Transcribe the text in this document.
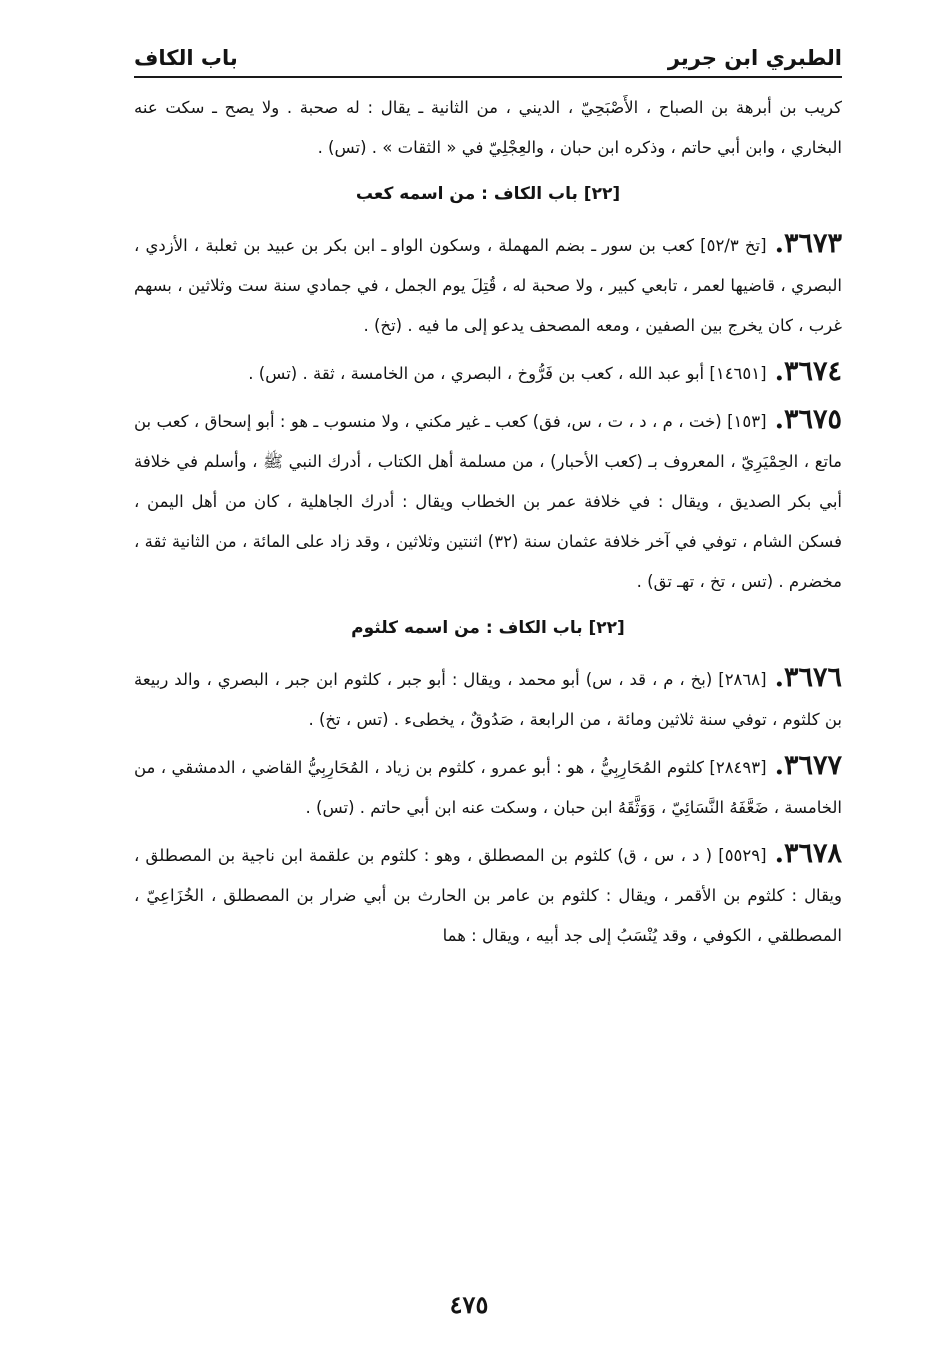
الطبري ابن جرير
باب الكاف

كريب بن أبرهة بن الصباح ، الأَصْبَحِيّ ، الديني ، من الثانية ـ يقال : له صحبة . ولا يصح ـ سكت عنه البخاري ، وابن أبي حاتم ، وذكره ابن حبان ، والعِجْلِيّ في « الثقات » . (تس) .

[٢٢] باب الكاف : من اسمه كعب

٣٦٧٣.[تخ ٥٢/٣] كعب بن سور ـ بضم المهملة ، وسكون الواو ـ ابن بكر بن عبيد بن ثعلبة ، الأزدي ، البصري ، قاضيها لعمر ، تابعي كبير ، ولا صحبة له ، قُتِلَ يوم الجمل ، في جمادي سنة ست وثلاثين ، بسهم غرب ، كان يخرج بين الصفين ، ومعه المصحف يدعو إلى ما فيه . (تخ) .

٣٦٧٤.[١٤٦٥١] أبو عبد الله ، كعب بن فَرُّوخ ، البصري ، من الخامسة ، ثقة . (تس) .

٣٦٧٥.[١٥٣] (خت ، م ، د ، ت ، س، فق) كعب ـ غير مكني ، ولا منسوب ـ هو : أبو إسحاق ، كعب بن ماتع ، الحِمْيَرِيّ ، المعروف بـ (كعب الأحبار) ، من مسلمة أهل الكتاب ، أدرك النبي ﷺ ، وأسلم في خلافة أبي بكر الصديق ، ويقال : في خلافة عمر بن الخطاب ويقال : أدرك الجاهلية ، كان من أهل اليمن ، فسكن الشام ، توفي في آخر خلافة عثمان سنة (٣٢) اثنتين وثلاثين ، وقد زاد على المائة ، من الثانية ثقة ، مخضرم . (تس ، تخ ، تهـ تق) .

[٢٢] باب الكاف : من اسمه كلثوم

٣٦٧٦.[٢٨٦٨] (بخ ، م ، قد ، س) أبو محمد ، ويقال : أبو جبر ، كلثوم ابن جبر ، البصري ، والد ربيعة بن كلثوم ، توفي سنة ثلاثين ومائة ، من الرابعة ، صَدُوقٌ ، يخطىء . (تس ، تخ) .

٣٦٧٧.[٢٨٤٩٣] كلثوم المُحَارِبِيُّ ، هو : أبو عمرو ، كلثوم بن زياد ، المُحَارِبِيُّ القاضي ، الدمشقي ، من الخامسة ، ضَعَّفَهُ النَّسَائِيّ ، وَوَثَّقَهُ ابن حبان ، وسكت عنه ابن أبي حاتم . (تس) .

٣٦٧٨.[٥٥٢٩] ( د ، س ، ق) كلثوم بن المصطلق ، وهو : كلثوم بن علقمة ابن ناجية بن المصطلق ، ويقال : كلثوم بن الأقمر ، ويقال : كلثوم بن عامر بن الحارث بن أبي ضرار بن المصطلق ، الخُزَاعِيّ ، المصطلقي ، الكوفي ، وقد يُنْسَبُ إلى جد أبيه ، ويقال : هما

٤٧٥
